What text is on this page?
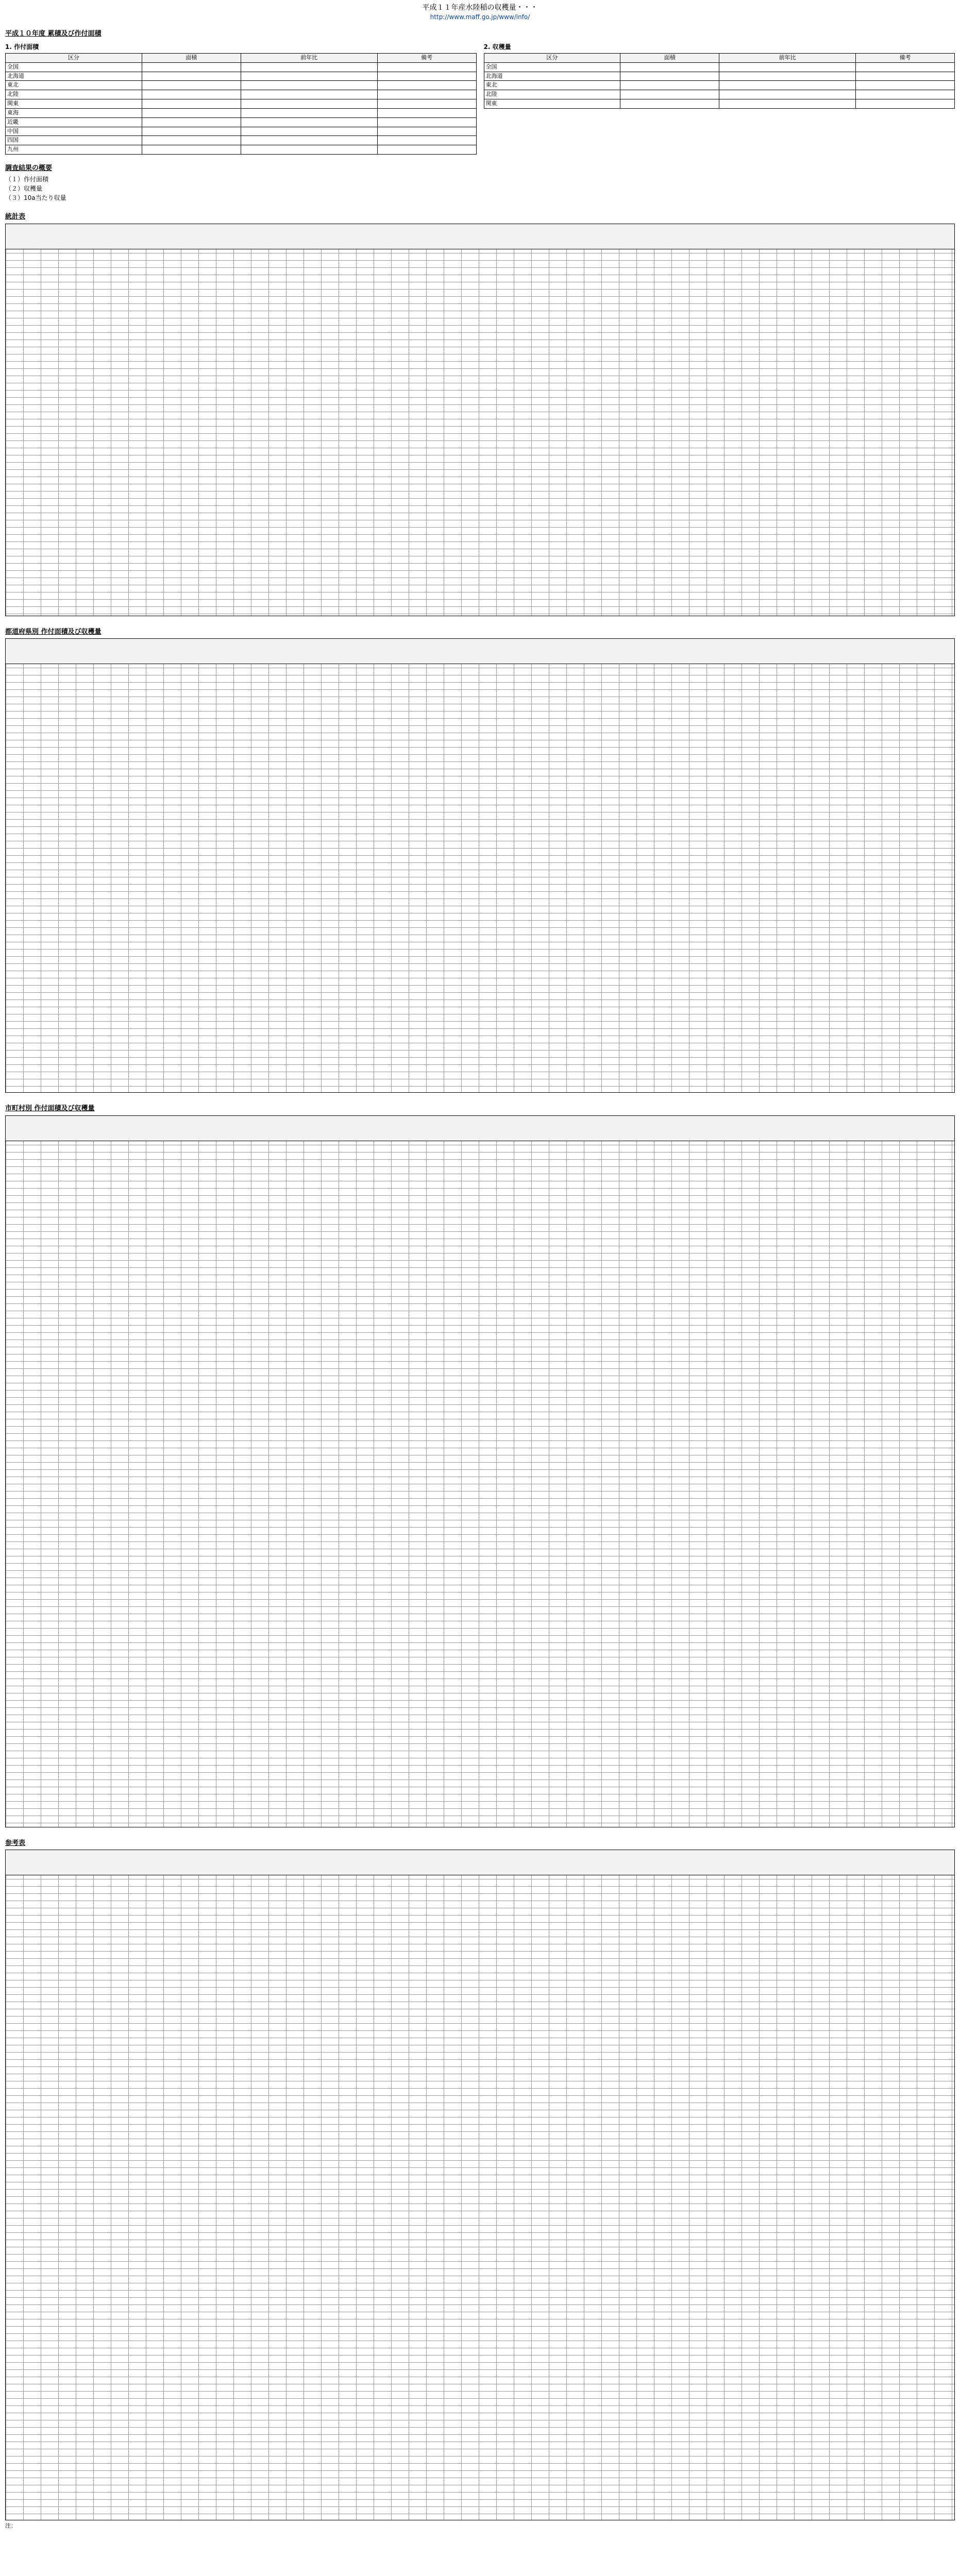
平成１１年産水陸稲の収穫量・・・
http://www.maff.go.jp/www/info/
平成１０年度 累積及び作付面積
1. 作付面積
区分	面積	前年比	備考
全国			
北海道			
東北			
北陸			
関東			
東海			
近畿			
中国			
四国			
九州			
2. 収穫量
区分	面積	前年比	備考
全国			
北海道			
東北			
北陸			
関東			
調査結果の概要

（１）作付面積

（２）収穫量

（３）10a当たり収量

統計表
都道府県別 作付面積及び収穫量
市町村別 作付面積及び収穫量
参考表
注：
